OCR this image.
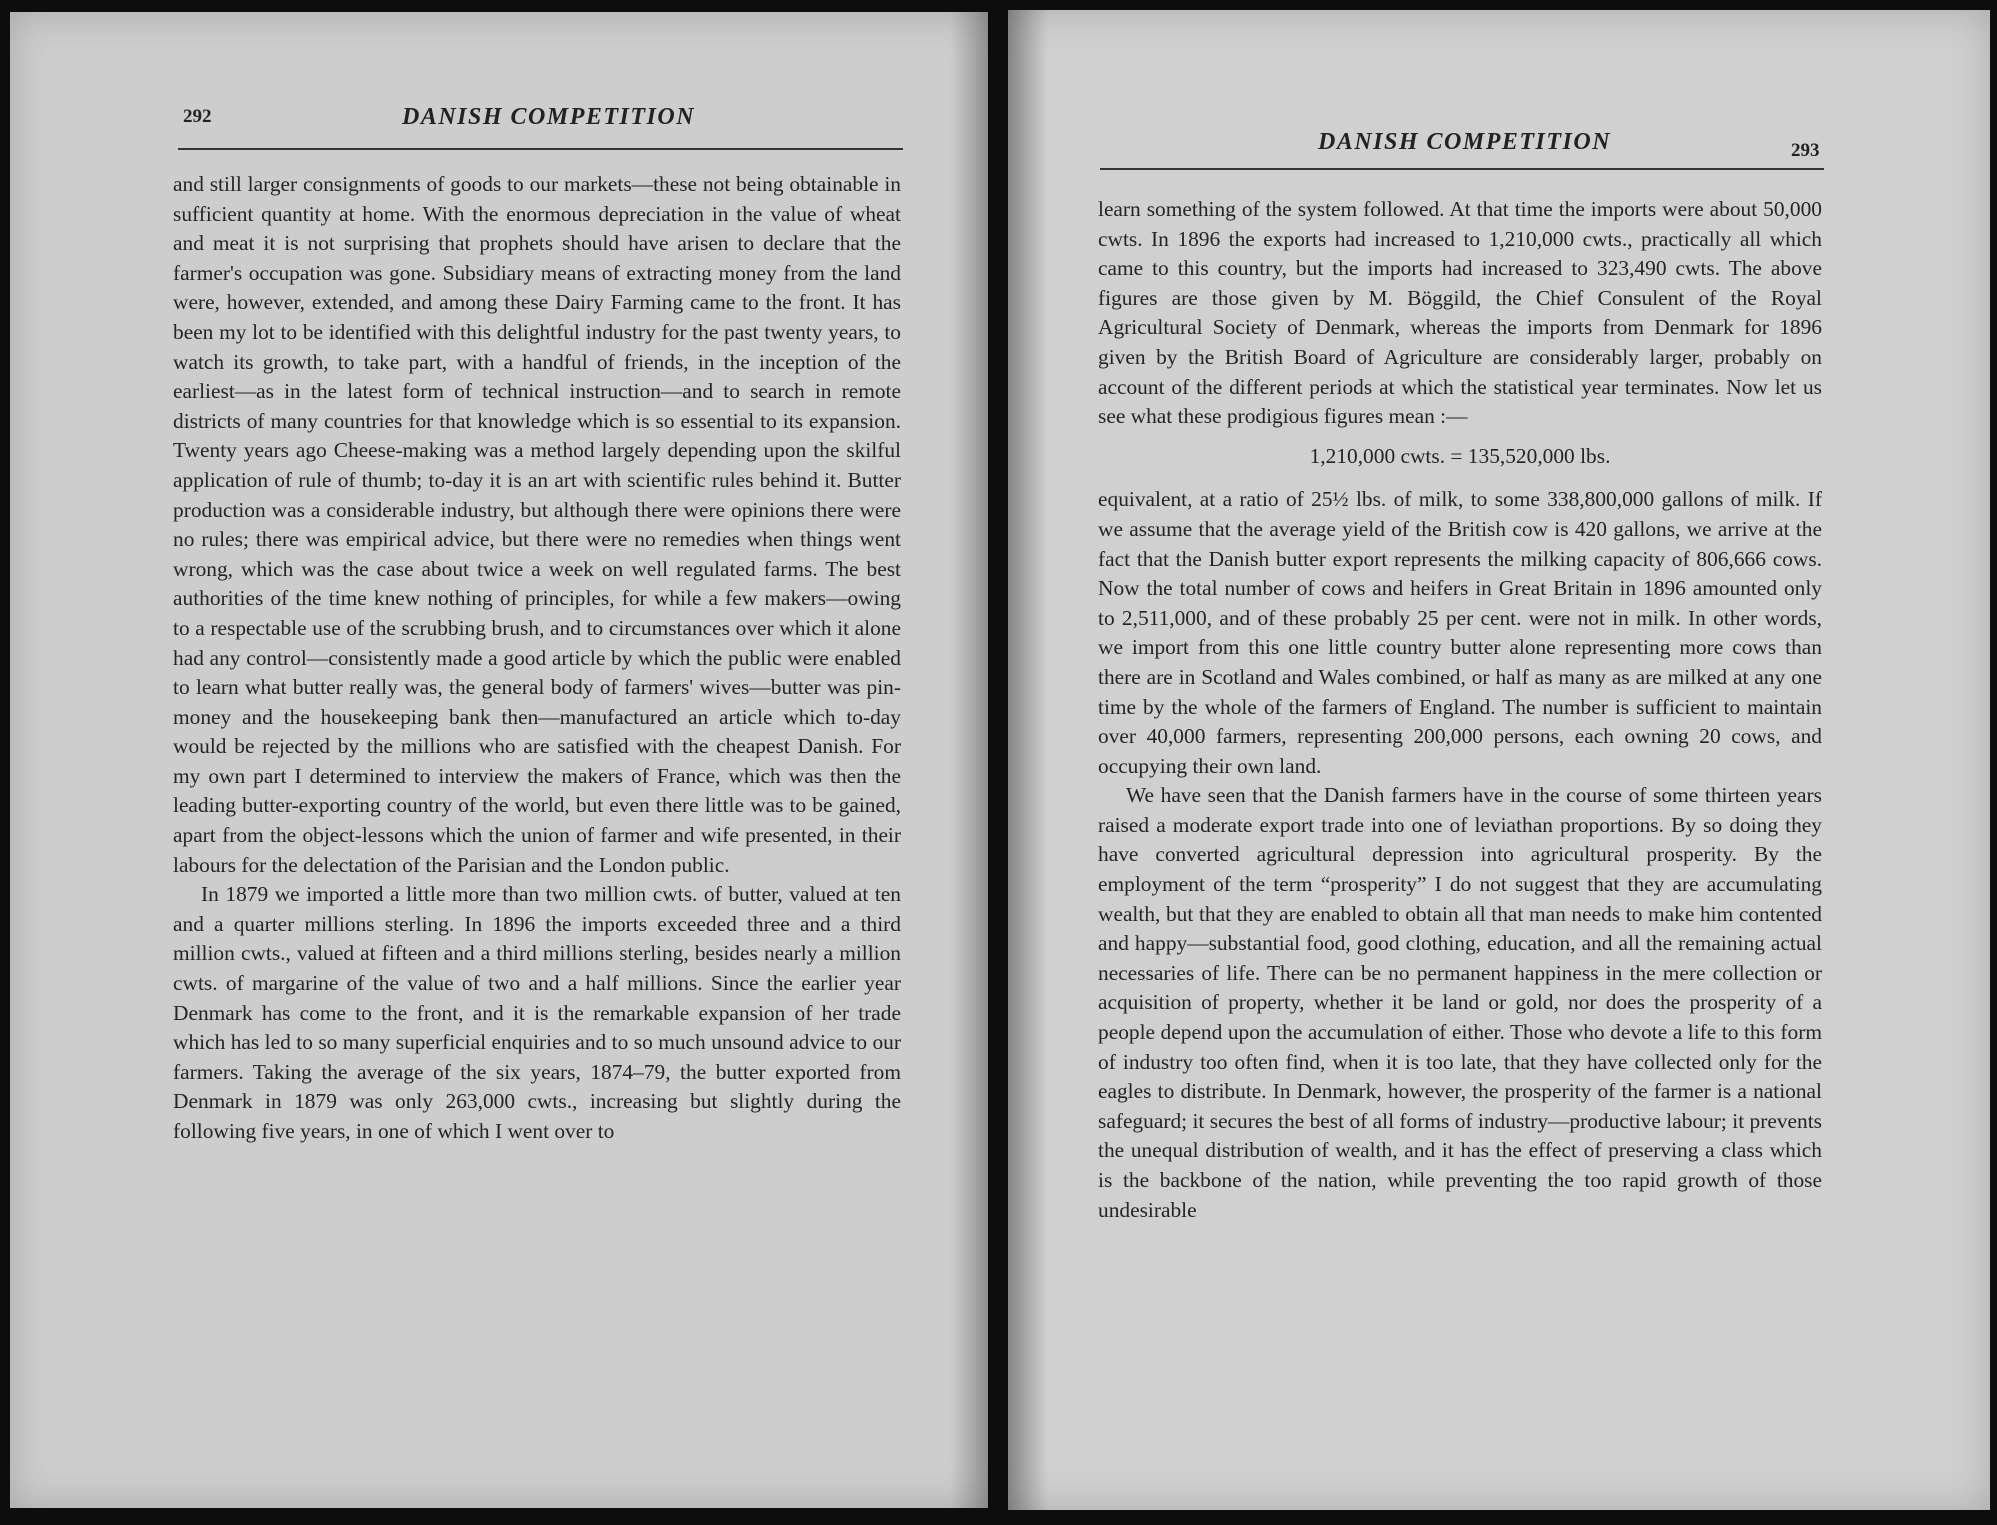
292	DANISH COMPETITION

and still larger consignments of goods to our markets—these not being obtainable in sufficient quantity at home. With the enormous depreciation in the value of wheat and meat it is not surprising that prophets should have arisen to declare that the farmer's occupation was gone. Subsidiary means of extracting money from the land were, however, extended, and among these Dairy Farming came to the front. It has been my lot to be identified with this delightful industry for the past twenty years, to watch its growth, to take part, with a handful of friends, in the inception of the earliest—as in the latest form of technical instruction—and to search in remote districts of many countries for that knowledge which is so essential to its expansion. Twenty years ago Cheese-making was a method largely depending upon the skilful application of rule of thumb; to-day it is an art with scientific rules behind it. Butter production was a considerable industry, but although there were opinions there were no rules; there was empirical advice, but there were no remedies when things went wrong, which was the case about twice a week on well regulated farms. The best authorities of the time knew nothing of principles, for while a few makers—owing to a respectable use of the scrubbing brush, and to circumstances over which it alone had any control—consistently made a good article by which the public were enabled to learn what butter really was, the general body of farmers' wives—butter was pin-money and the housekeeping bank then—manufactured an article which to-day would be rejected by the millions who are satisfied with the cheapest Danish. For my own part I determined to interview the makers of France, which was then the leading butter-exporting country of the world, but even there little was to be gained, apart from the object-lessons which the union of farmer and wife presented, in their labours for the delectation of the Parisian and the London public.

In 1879 we imported a little more than two million cwts. of butter, valued at ten and a quarter millions sterling. In 1896 the imports exceeded three and a third million cwts., valued at fifteen and a third millions sterling, besides nearly a million cwts. of margarine of the value of two and a half millions. Since the earlier year Denmark has come to the front, and it is the remarkable expansion of her trade which has led to so many superficial enquiries and to so much unsound advice to our farmers. Taking the average of the six years, 1874–79, the butter exported from Denmark in 1879 was only 263,000 cwts., increasing but slightly during the following five years, in one of which I went over to

DANISH COMPETITION	293

learn something of the system followed. At that time the imports were about 50,000 cwts. In 1896 the exports had increased to 1,210,000 cwts., practically all which came to this country, but the imports had increased to 323,490 cwts. The above figures are those given by M. Böggild, the Chief Consulent of the Royal Agricultural Society of Denmark, whereas the imports from Denmark for 1896 given by the British Board of Agriculture are considerably larger, probably on account of the different periods at which the statistical year terminates. Now let us see what these prodigious figures mean :—

1,210,000 cwts. = 135,520,000 lbs.

equivalent, at a ratio of 25½ lbs. of milk, to some 338,800,000 gallons of milk. If we assume that the average yield of the British cow is 420 gallons, we arrive at the fact that the Danish butter export represents the milking capacity of 806,666 cows. Now the total number of cows and heifers in Great Britain in 1896 amounted only to 2,511,000, and of these probably 25 per cent. were not in milk. In other words, we import from this one little country butter alone representing more cows than there are in Scotland and Wales combined, or half as many as are milked at any one time by the whole of the farmers of England. The number is sufficient to maintain over 40,000 farmers, representing 200,000 persons, each owning 20 cows, and occupying their own land.

We have seen that the Danish farmers have in the course of some thirteen years raised a moderate export trade into one of leviathan proportions. By so doing they have converted agricultural depression into agricultural prosperity. By the employment of the term “prosperity” I do not suggest that they are accumulating wealth, but that they are enabled to obtain all that man needs to make him contented and happy—substantial food, good clothing, education, and all the remaining actual necessaries of life. There can be no permanent happiness in the mere collection or acquisition of property, whether it be land or gold, nor does the prosperity of a people depend upon the accumulation of either. Those who devote a life to this form of industry too often find, when it is too late, that they have collected only for the eagles to distribute. In Denmark, however, the prosperity of the farmer is a national safeguard; it secures the best of all forms of industry—productive labour; it prevents the unequal distribution of wealth, and it has the effect of preserving a class which is the backbone of the nation, while preventing the too rapid growth of those undesirable
